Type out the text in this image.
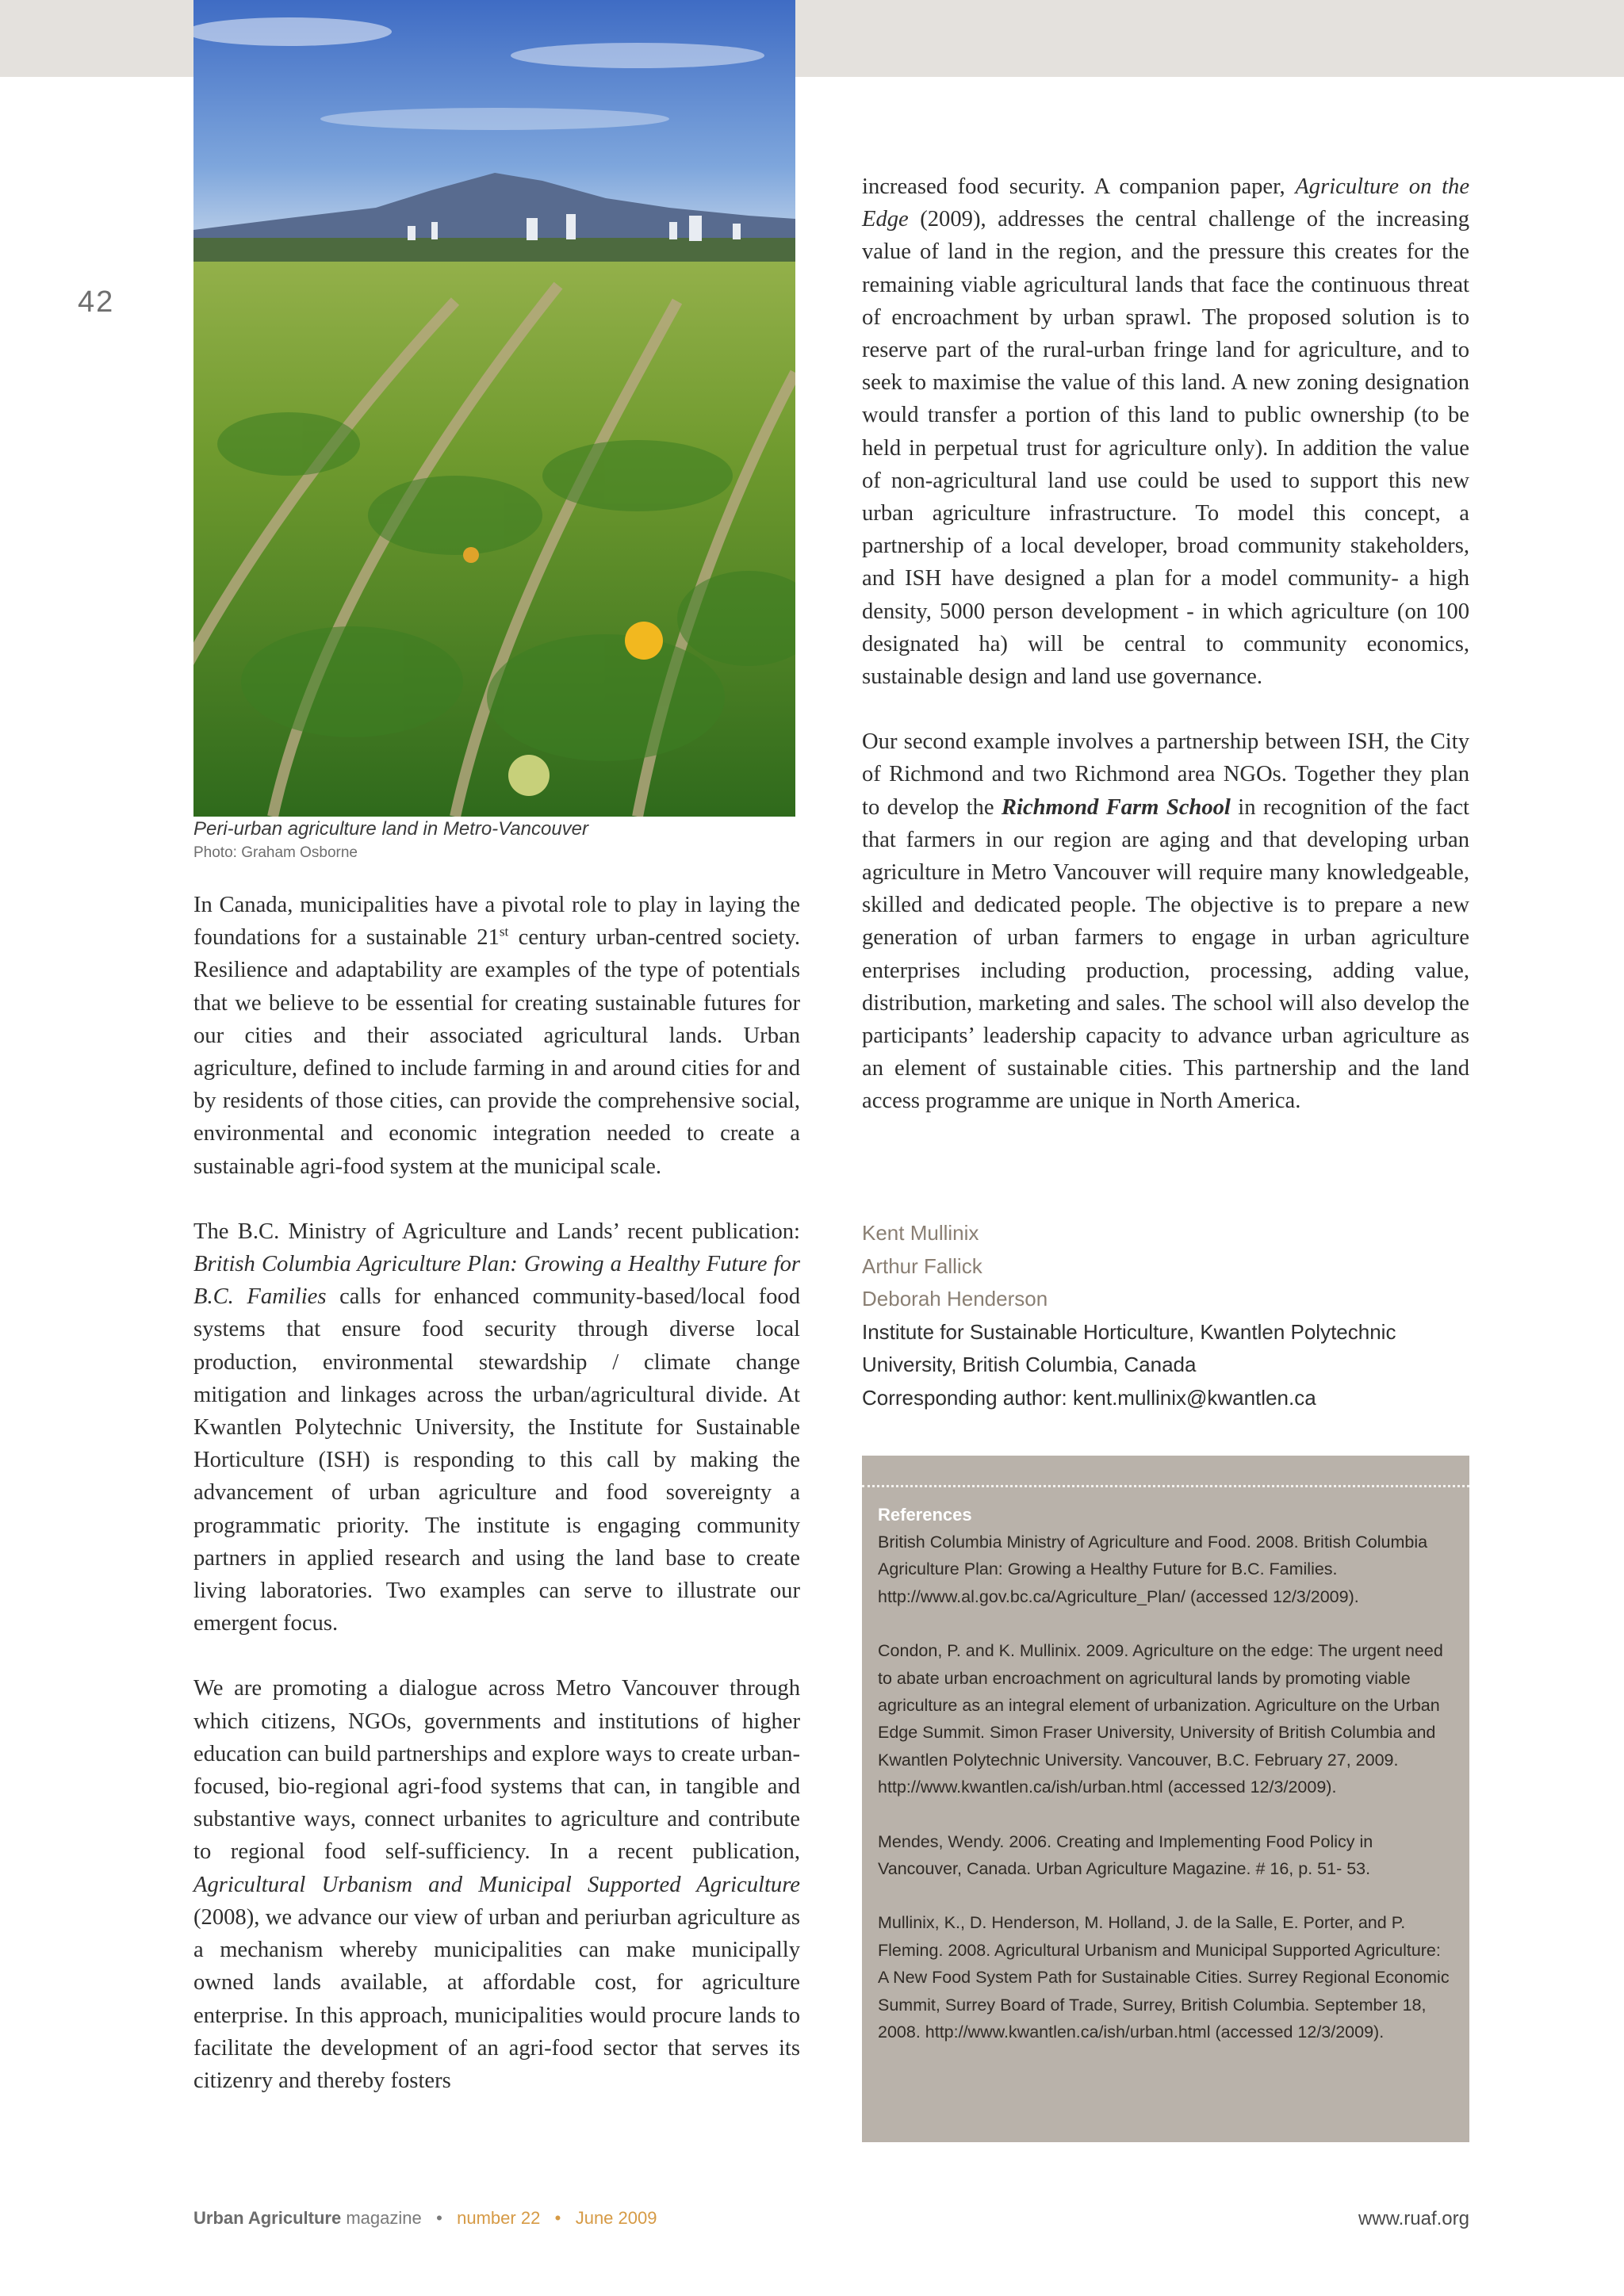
42
Peri-urban agriculture land in Metro-Vancouver
Photo: Graham Osborne

In Canada, municipalities have a pivotal role to play in laying the foundations for a sustainable 21st century urban-centred society. Resilience and adaptability are examples of the type of potentials that we believe to be essential for creating sustainable futures for our cities and their associated agricultural lands. Urban agriculture, defined to include farming in and around cities for and by residents of those cities, can provide the comprehensive social, environmental and economic integration needed to create a sustainable agri-food system at the municipal scale.

The B.C. Ministry of Agriculture and Lands’ recent publication: British Columbia Agriculture Plan: Growing a Healthy Future for B.C. Families calls for enhanced community-based/local food systems that ensure food security through diverse local production, environmental stewardship / climate change mitigation and linkages across the urban/agricultural divide. At Kwantlen Polytechnic University, the Institute for Sustainable Horticulture (ISH) is responding to this call by making the advancement of urban agriculture and food sovereignty a programmatic priority. The institute is engaging community partners in applied research and using the land base to create living laboratories. Two examples can serve to illustrate our emergent focus.

We are promoting a dialogue across Metro Vancouver through which citizens, NGOs, governments and institutions of higher education can build partnerships and explore ways to create urban-focused, bio-regional agri-food systems that can, in tangible and substantive ways, connect urbanites to agriculture and contribute to regional food self-sufficiency. In a recent publication, Agricultural Urbanism and Municipal Supported Agriculture (2008), we advance our view of urban and periurban agriculture as a mechanism whereby municipalities can make municipally owned lands available, at affordable cost, for agriculture enterprise. In this approach, municipalities would procure lands to facilitate the development of an agri-food sector that serves its citizenry and thereby fosters

increased food security. A companion paper, Agriculture on the Edge (2009), addresses the central challenge of the increasing value of land in the region, and the pressure this creates for the remaining viable agricultural lands that face the continuous threat of encroachment by urban sprawl. The proposed solution is to reserve part of the rural-urban fringe land for agriculture, and to seek to maximise the value of this land. A new zoning designation would transfer a portion of this land to public ownership (to be held in perpetual trust for agriculture only). In addition the value of non-agricultural land use could be used to support this new urban agriculture infrastructure. To model this concept, a partnership of a local developer, broad community stakeholders, and ISH have designed a plan for a model community- a high density, 5000 person development - in which agriculture (on 100 designated ha) will be central to community economics, sustainable design and land use governance.

Our second example involves a partnership between ISH, the City of Richmond and two Richmond area NGOs. Together they plan to develop the Richmond Farm School in recognition of the fact that farmers in our region are aging and that developing urban agriculture in Metro Vancouver will require many knowledgeable, skilled and dedicated people. The objective is to prepare a new generation of urban farmers to engage in urban agriculture enterprises including production, processing, adding value, distribution, marketing and sales. The school will also develop the participants’ leadership capacity to advance urban agriculture as an element of sustainable cities. This partnership and the land access programme are unique in North America.

Kent Mullinix
Arthur Fallick
Deborah Henderson
Institute for Sustainable Horticulture, Kwantlen Polytechnic University, British Columbia, Canada
Corresponding author: kent.mullinix@kwantlen.ca
References
British Columbia Ministry of Agriculture and Food. 2008. British Columbia Agriculture Plan: Growing a Healthy Future for B.C. Families. http://www.al.gov.bc.ca/Agriculture_Plan/ (accessed 12/3/2009).
Condon, P. and K. Mullinix. 2009. Agriculture on the edge: The urgent need to abate urban encroachment on agricultural lands by promoting viable agriculture as an integral element of urbanization. Agriculture on the Urban Edge Summit. Simon Fraser University, University of British Columbia and Kwantlen Polytechnic University. Vancouver, B.C. February 27, 2009. http://www.kwantlen.ca/ish/urban.html (accessed 12/3/2009).
Mendes, Wendy. 2006. Creating and Implementing Food Policy in Vancouver, Canada. Urban Agriculture Magazine. # 16, p. 51- 53.
Mullinix, K., D. Henderson, M. Holland, J. de la Salle, E. Porter, and P. Fleming. 2008. Agricultural Urbanism and Municipal Supported Agriculture: A New Food System Path for Sustainable Cities. Surrey Regional Economic Summit, Surrey Board of Trade, Surrey, British Columbia. September 18, 2008. http://www.kwantlen.ca/ish/urban.html (accessed 12/3/2009).
Urban Agriculture magazine • number 22 • June 2009	www.ruaf.org
